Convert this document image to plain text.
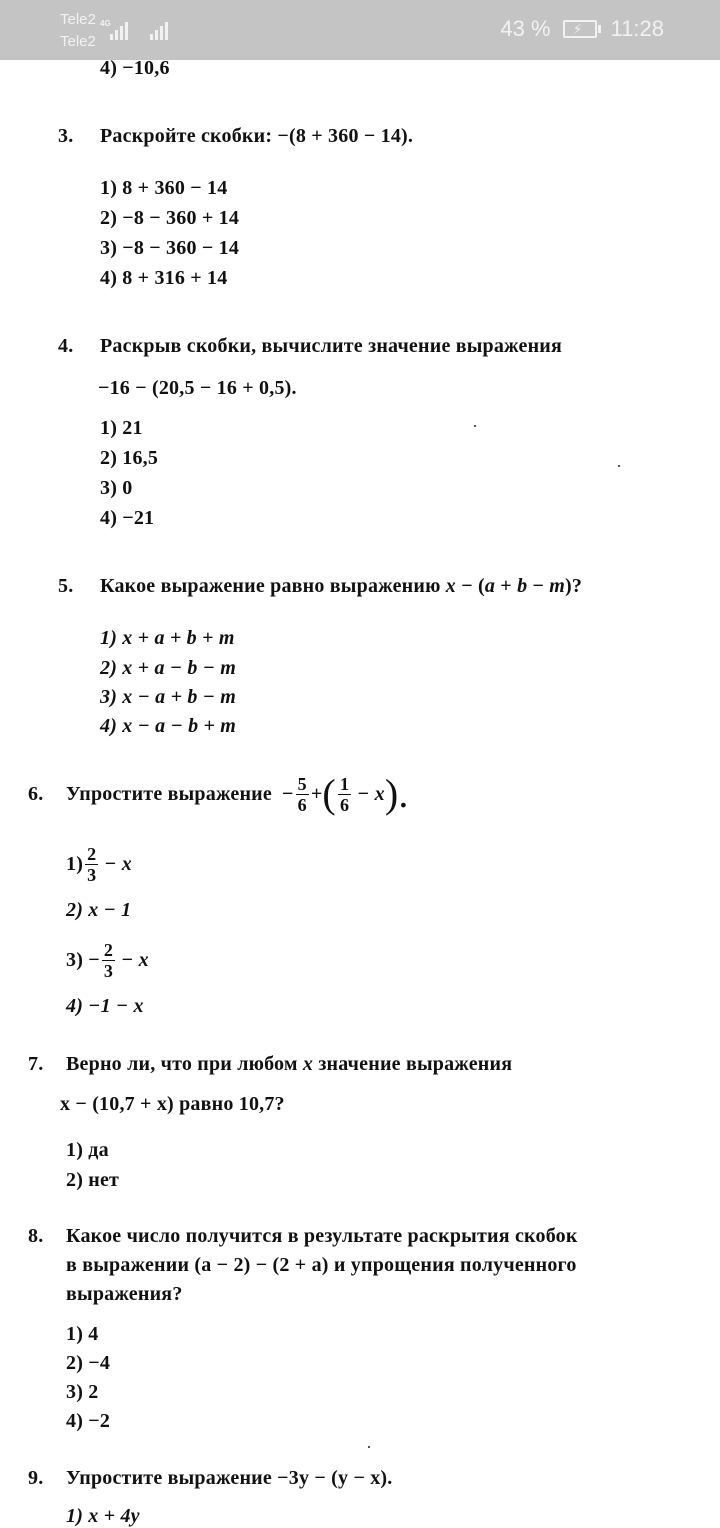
Tele2 4G
Tele2
43 % ⚡ 11:28
4) −10,6
3. Раскройте скобки: −(8 + 360 − 14).
1) 8 + 360 − 14
2) −8 − 360 + 14
3) −8 − 360 − 14
4) 8 + 316 + 14
4. Раскрыв скобки, вычислите значение выражения
−16 − (20,5 − 16 + 0,5).
1) 21
2) 16,5
3) 0
4) −21
5. Какое выражение равно выражению x − (a + b − m)?
1) x + a + b + m
2) x + a − b − m
3) x − a + b − m
4) x − a − b + m
6. Упростите выражение − $\frac{5}{6}$ + ( $\frac{1}{6} - x$ ).
$1) \frac{2}{3} - x$
2) x − 1
$3) - \frac{2}{3} - x$
4) −1 − x
7. Верно ли, что при любом x значение выражения
x − (10,7 + x) равно 10,7?
1) да
2) нет
8. Какое число получится в результате раскрытия скобок
в выражении (a − 2) − (2 + a) и упрощения полученного
выражения?
1) 4
2) −4
3) 2
4) −2
9. Упростите выражение −3y − (y − x).
1) x + 4y
